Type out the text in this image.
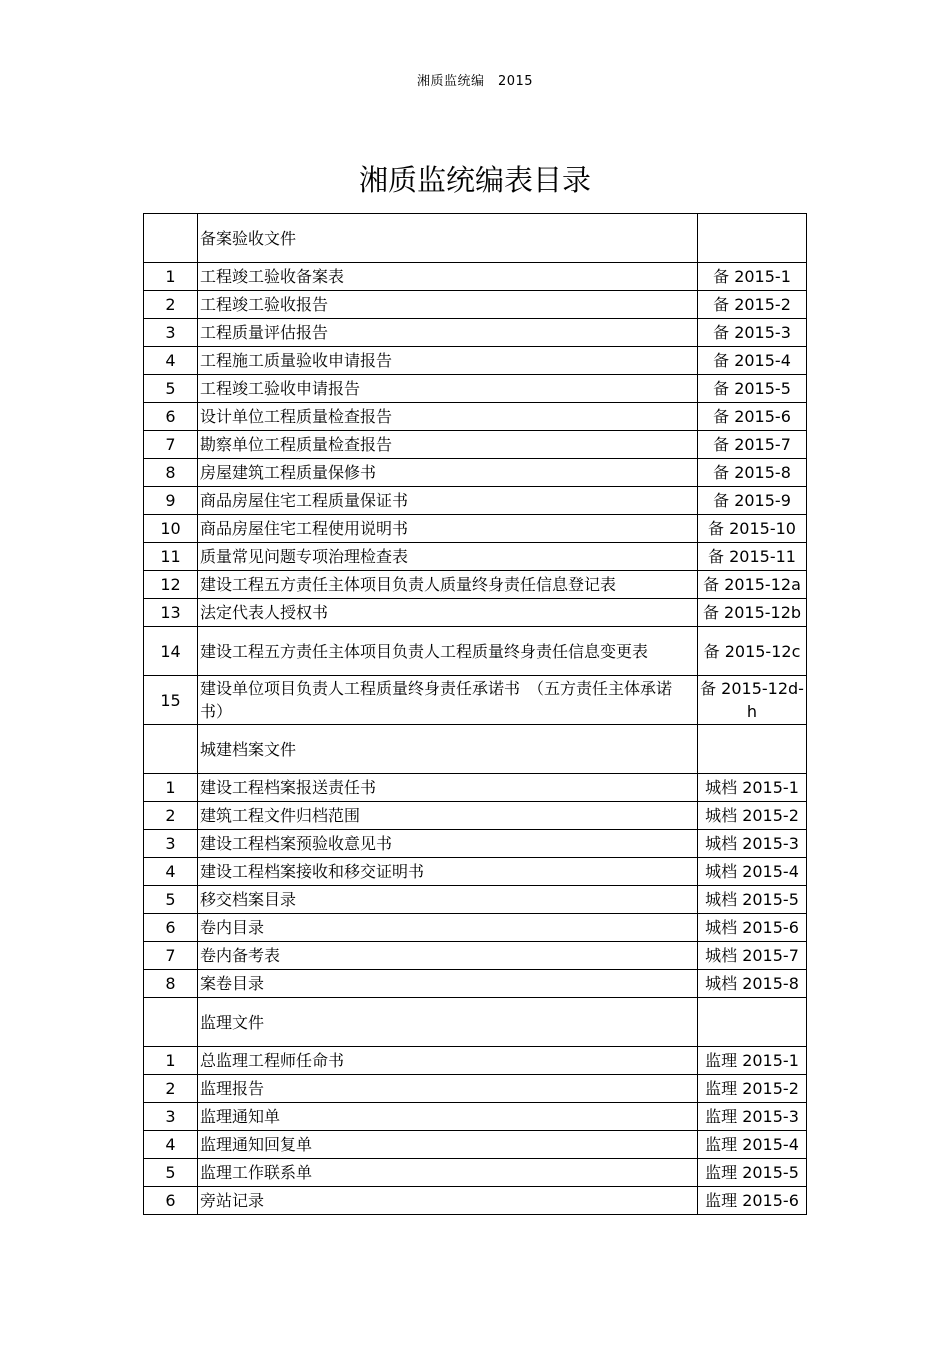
湘质监统编　2015
湘质监统编表目录
	备案验收文件	
1	工程竣工验收备案表	备 2015-1
2	工程竣工验收报告	备 2015-2
3	工程质量评估报告	备 2015-3
4	工程施工质量验收申请报告	备 2015-4
5	工程竣工验收申请报告	备 2015-5
6	设计单位工程质量检查报告	备 2015-6
7	勘察单位工程质量检查报告	备 2015-7
8	房屋建筑工程质量保修书	备 2015-8
9	商品房屋住宅工程质量保证书	备 2015-9
10	商品房屋住宅工程使用说明书	备 2015-10
11	质量常见问题专项治理检查表	备 2015-11
12	建设工程五方责任主体项目负责人质量终身责任信息登记表	备 2015-12a
13	法定代表人授权书	备 2015-12b
14	建设工程五方责任主体项目负责人工程质量终身责任信息变更表	备 2015-12c
15	建设单位项目负责人工程质量终身责任承诺书　（五方责任主体承诺书）	备 2015-12d-h
	城建档案文件	
1	建设工程档案报送责任书	城档 2015-1
2	建筑工程文件归档范围	城档 2015-2
3	建设工程档案预验收意见书	城档 2015-3
4	建设工程档案接收和移交证明书	城档 2015-4
5	移交档案目录	城档 2015-5
6	卷内目录	城档 2015-6
7	卷内备考表	城档 2015-7
8	案卷目录	城档 2015-8
	监理文件	
1	总监理工程师任命书	监理 2015-1
2	监理报告	监理 2015-2
3	监理通知单	监理 2015-3
4	监理通知回复单	监理 2015-4
5	监理工作联系单	监理 2015-5
6	旁站记录	监理 2015-6
